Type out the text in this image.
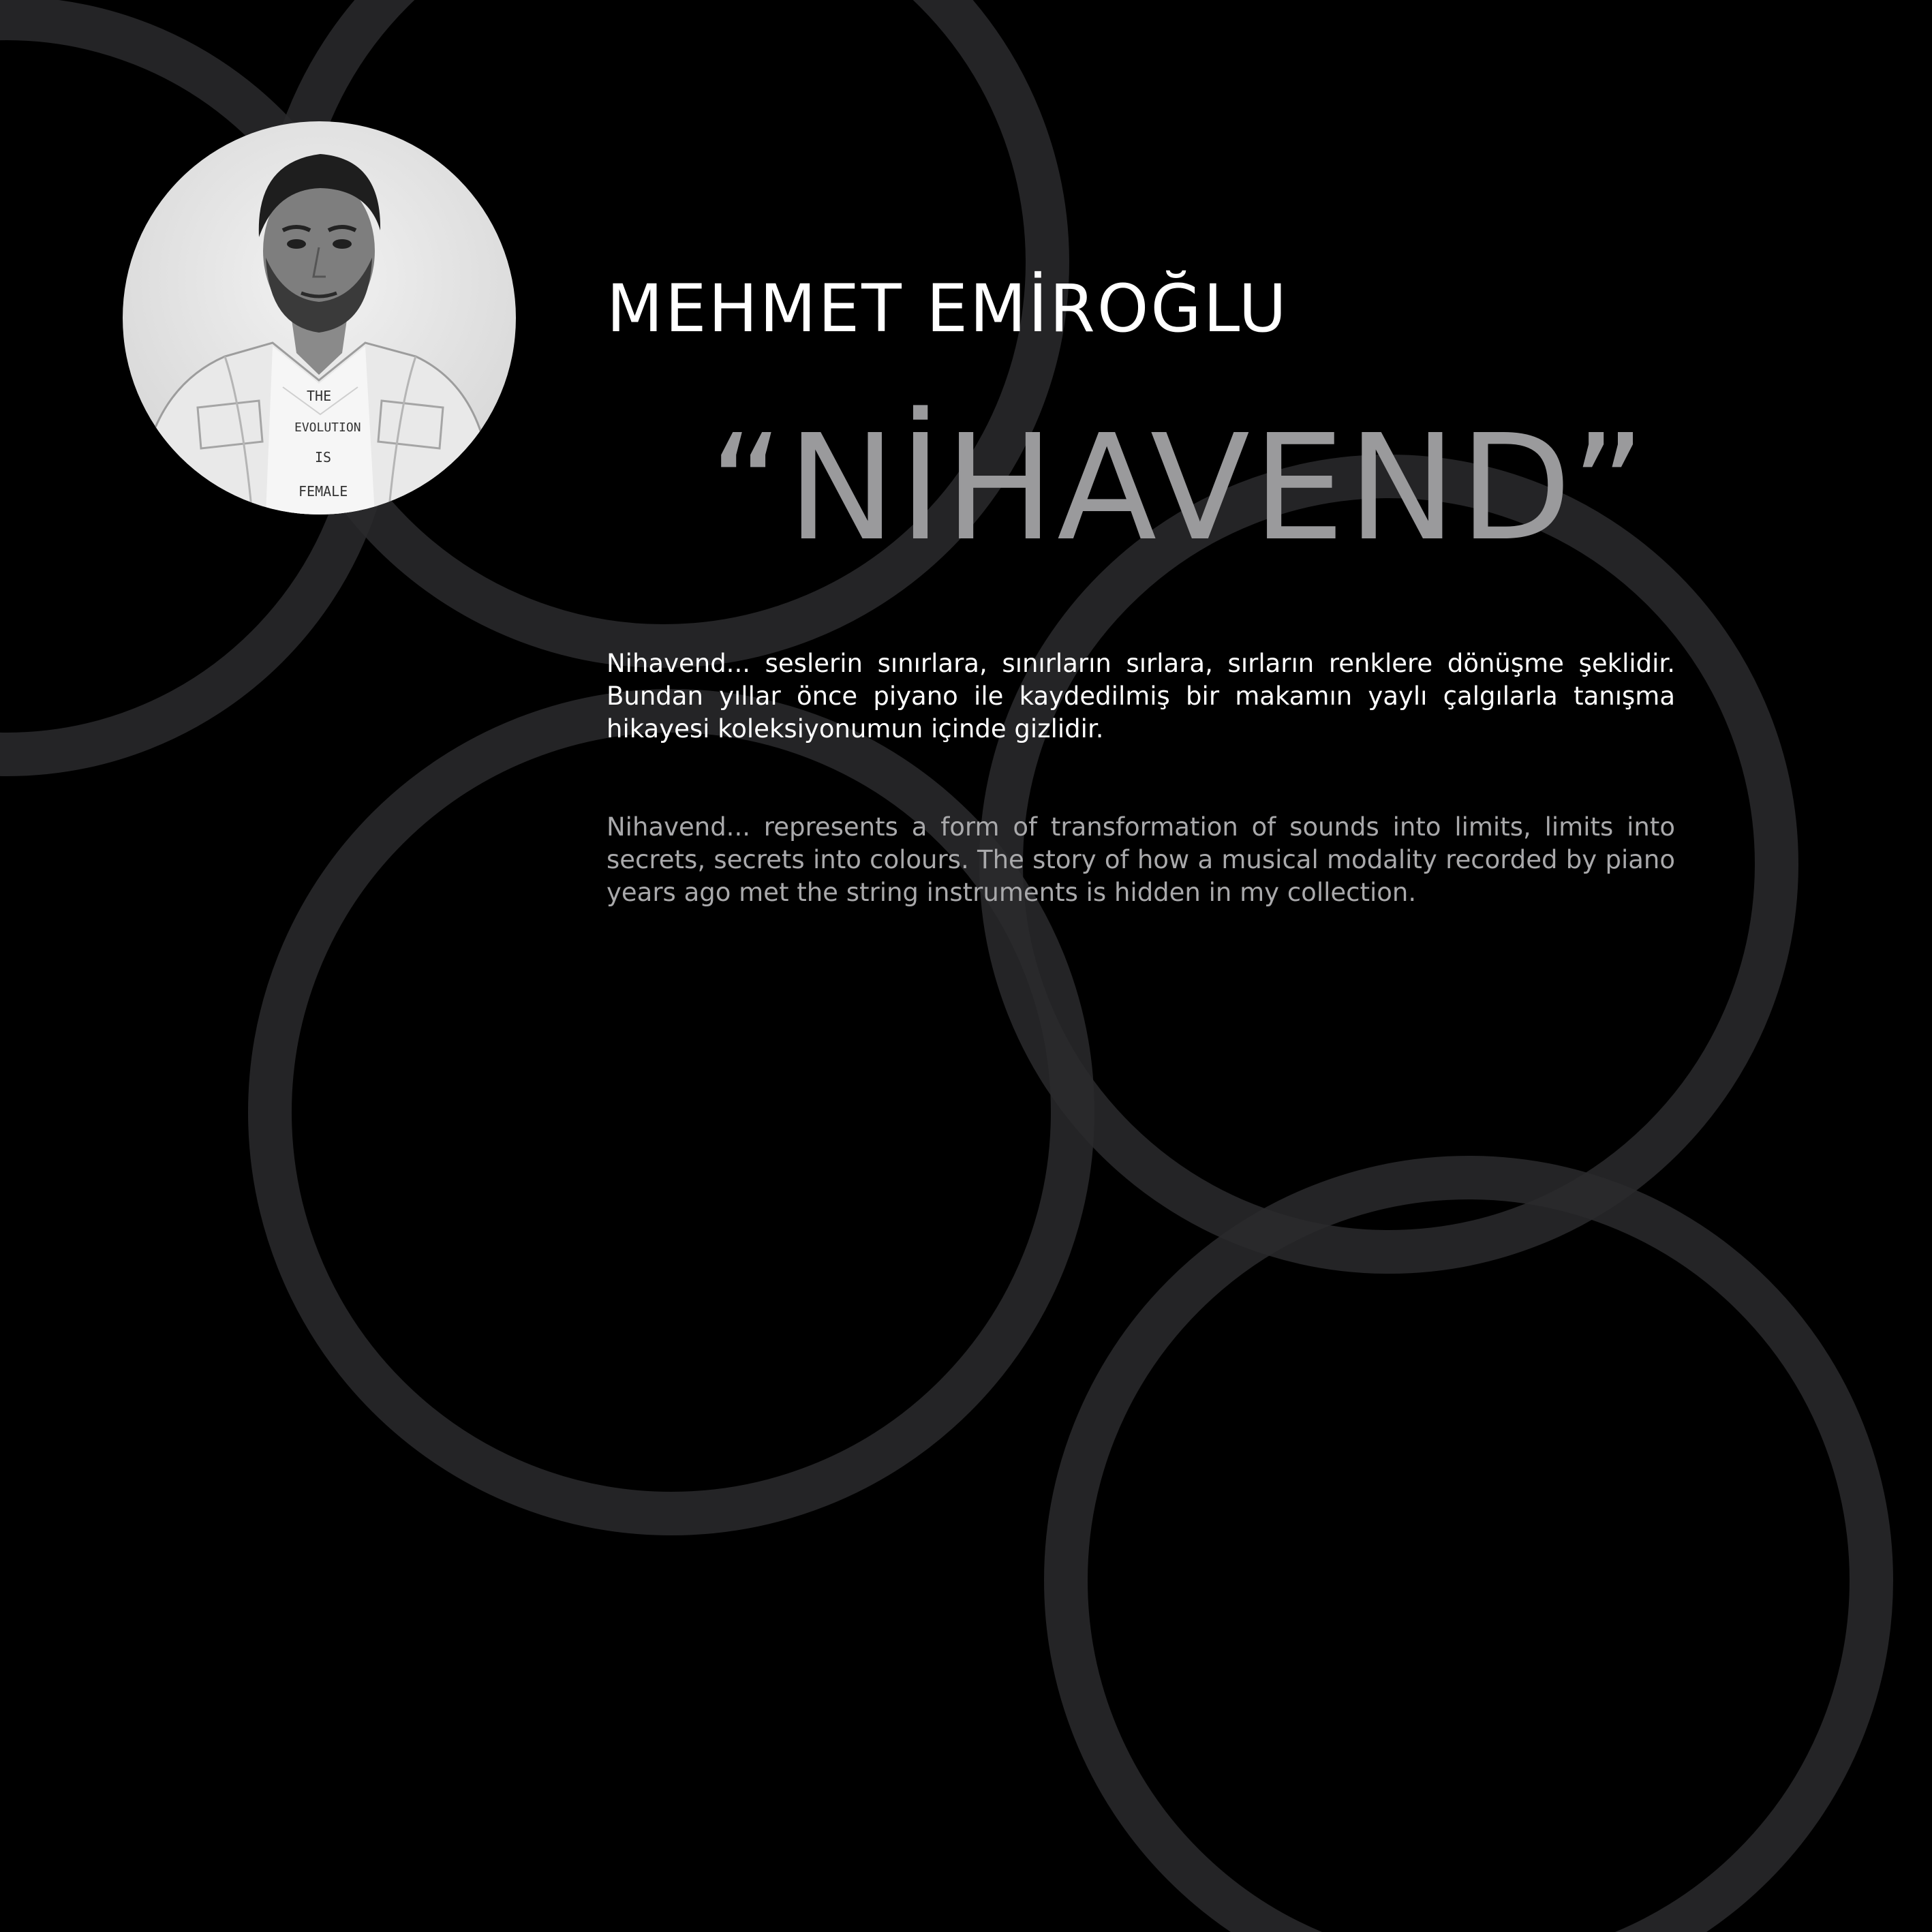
THE
EVOLUTION
IS
FEMALE
MEHMET EMİROĞLU
“NİHAVEND”

Nihavend... seslerin sınırlara, sınırların sırlara, sırların renklere dönüşme şeklidir. Bundan yıllar önce piyano ile kaydedilmiş bir makamın yaylı çalgılarla tanışma hikayesi koleksiyonumun içinde gizlidir.

Nihavend... represents a form of transformation of sounds into limits, limits into secrets, secrets into colours. The story of how a musical modality recorded by piano years ago met the string instruments is hidden in my collection.
